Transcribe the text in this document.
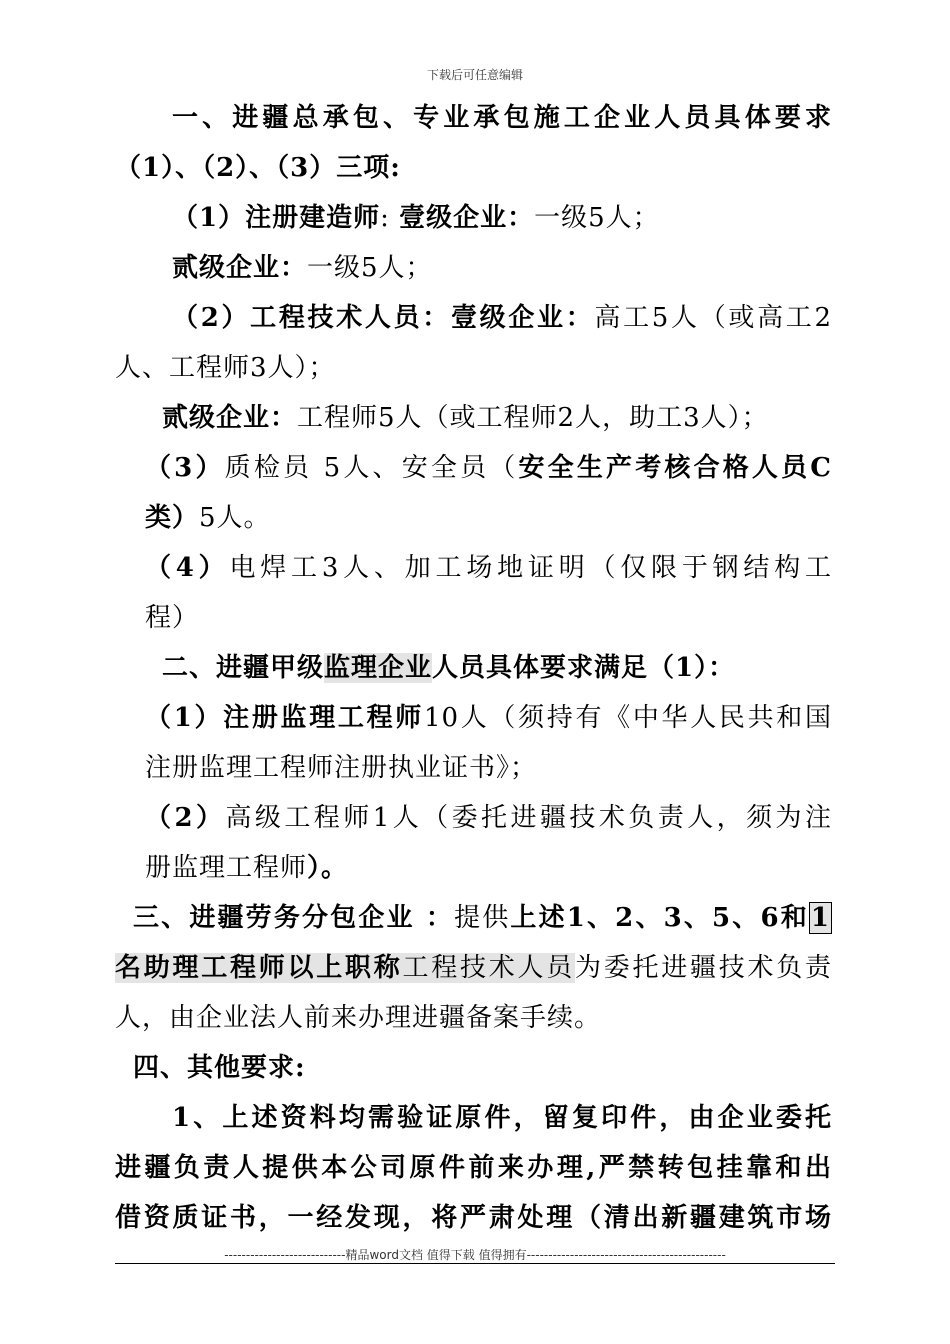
下载后可任意编辑
一、进疆总承包、专业承包施工企业人员具体要求
（1）、（2）、（3）三项:
（1）注册建造师: 壹级企业：一级5人；
贰级企业：一级5人；
（2）工程技术人员：壹级企业：高工5人（或高工2
人、工程师3人）；
贰级企业：工程师5人（或工程师2人，助工3人）；
（3）质检员 5人、安全员（安全生产考核合格人员C
类）5人。
（4）电焊工3人、加工场地证明（仅限于钢结构工
程）
二、进疆甲级监理企业人员具体要求满足（1）：
（1）注册监理工程师10人（须持有《中华人民共和国
注册监理工程师注册执业证书》；
（2）高级工程师1人（委托进疆技术负责人，须为注
册监理工程师）。
三、进疆劳务分包企业 ：提供上述1、2、3、5、6和1
名助理工程师以上职称工程技术人员为委托进疆技术负责
人，由企业法人前来办理进疆备案手续。
四、其他要求:
1、上述资料均需验证原件，留复印件，由企业委托
进疆负责人提供本公司原件前来办理,严禁转包挂靠和出
借资质证书，一经发现，将严肃处理（清出新疆建筑市场
----------------------------精品word文档 值得下载 值得拥有----------------------------------------------
